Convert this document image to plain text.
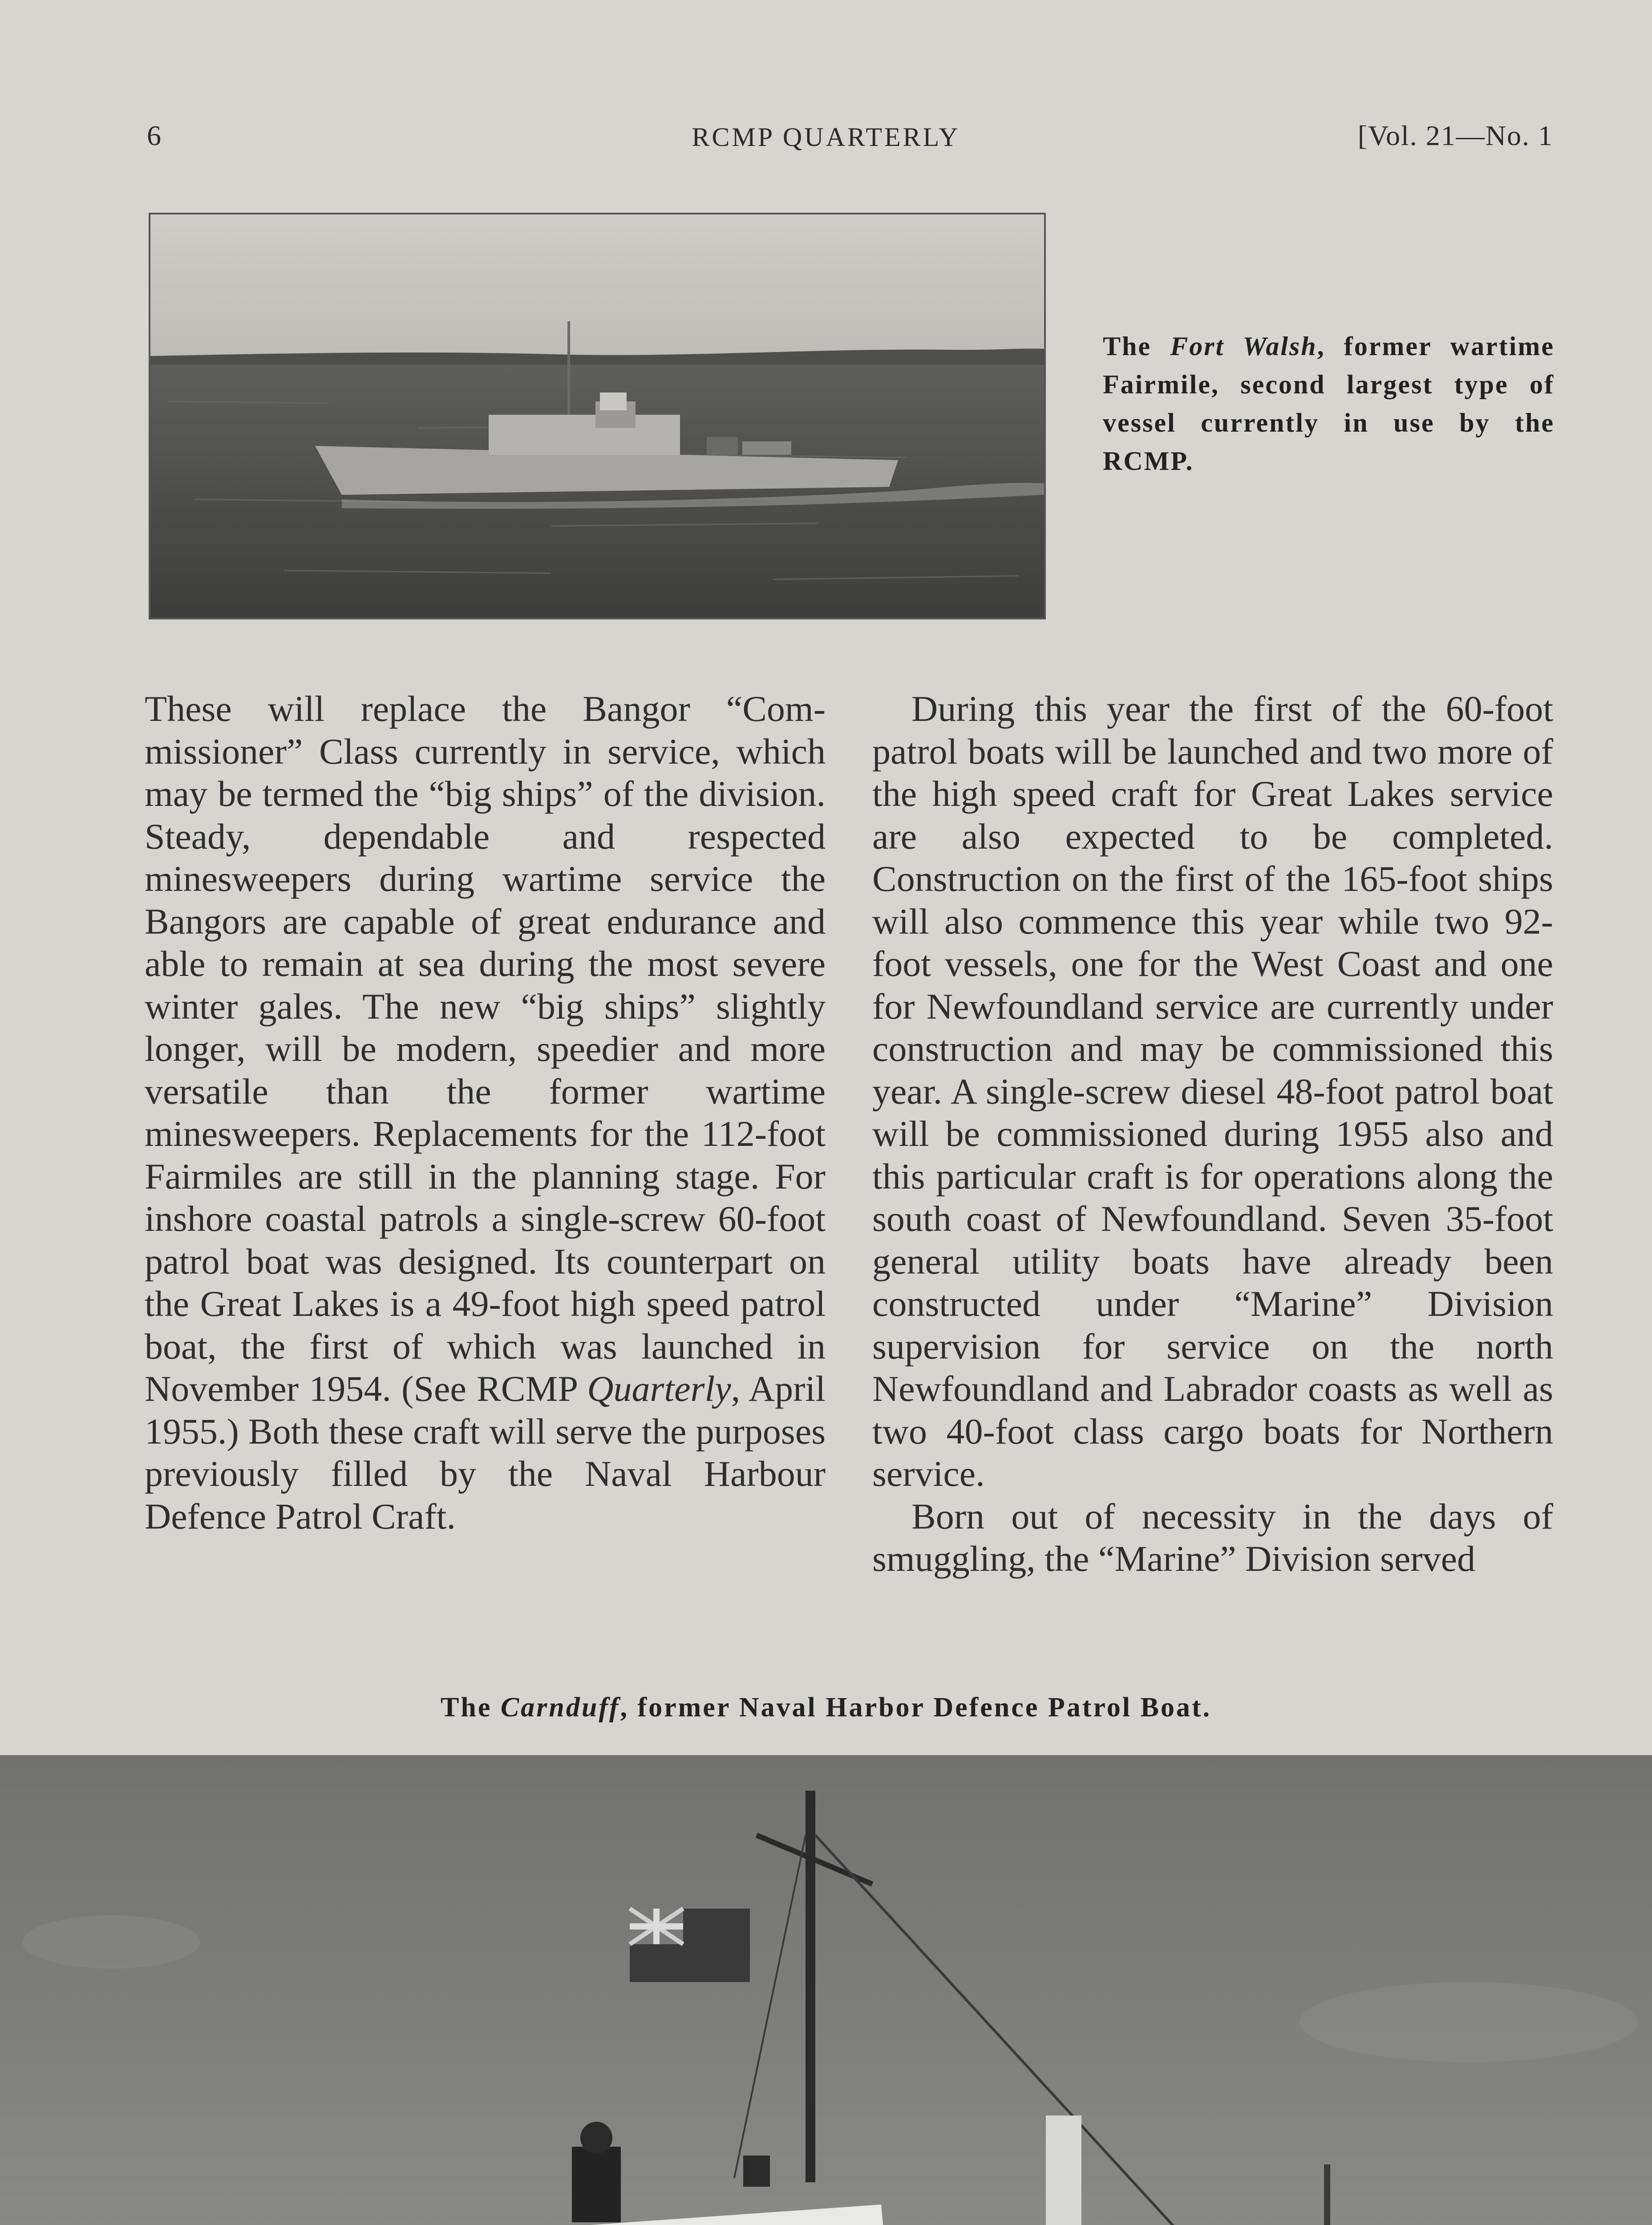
6	RCMP QUARTERLY	[Vol. 21—No. 1
The Fort Walsh, former wartime Fairmile, second largest type of vessel currently in use by the RCMP.

These will replace the Bangor “Commissioner” Class currently in service, which may be termed the “big ships” of the division. Steady, dependable and respected minesweepers during wartime service the Bangors are capable of great endurance and able to remain at sea during the most severe winter gales. The new “big ships” slightly longer, will be modern, speedier and more versatile than the former wartime minesweepers. Replacements for the 112-foot Fairmiles are still in the planning stage. For inshore coastal patrols a single-screw 60-foot patrol boat was designed. Its counterpart on the Great Lakes is a 49-foot high speed patrol boat, the first of which was launched in November 1954. (See RCMP Quarterly, April 1955.) Both these craft will serve the purposes previously filled by the Naval Harbour Defence Patrol Craft.

During this year the first of the 60-foot patrol boats will be launched and two more of the high speed craft for Great Lakes service are also expected to be completed. Construction on the first of the 165-foot ships will also commence this year while two 92-foot vessels, one for the West Coast and one for Newfoundland service are currently under construction and may be commissioned this year. A single-screw diesel 48-foot patrol boat will be commissioned during 1955 also and this particular craft is for operations along the south coast of Newfoundland. Seven 35-foot general utility boats have already been constructed under “Marine” Division supervision for service on the north Newfoundland and Labrador coasts as well as two 40-foot class cargo boats for Northern service.

Born out of necessity in the days of smuggling, the “Marine” Division served

The Carnduff, former Naval Harbor Defence Patrol Boat.
